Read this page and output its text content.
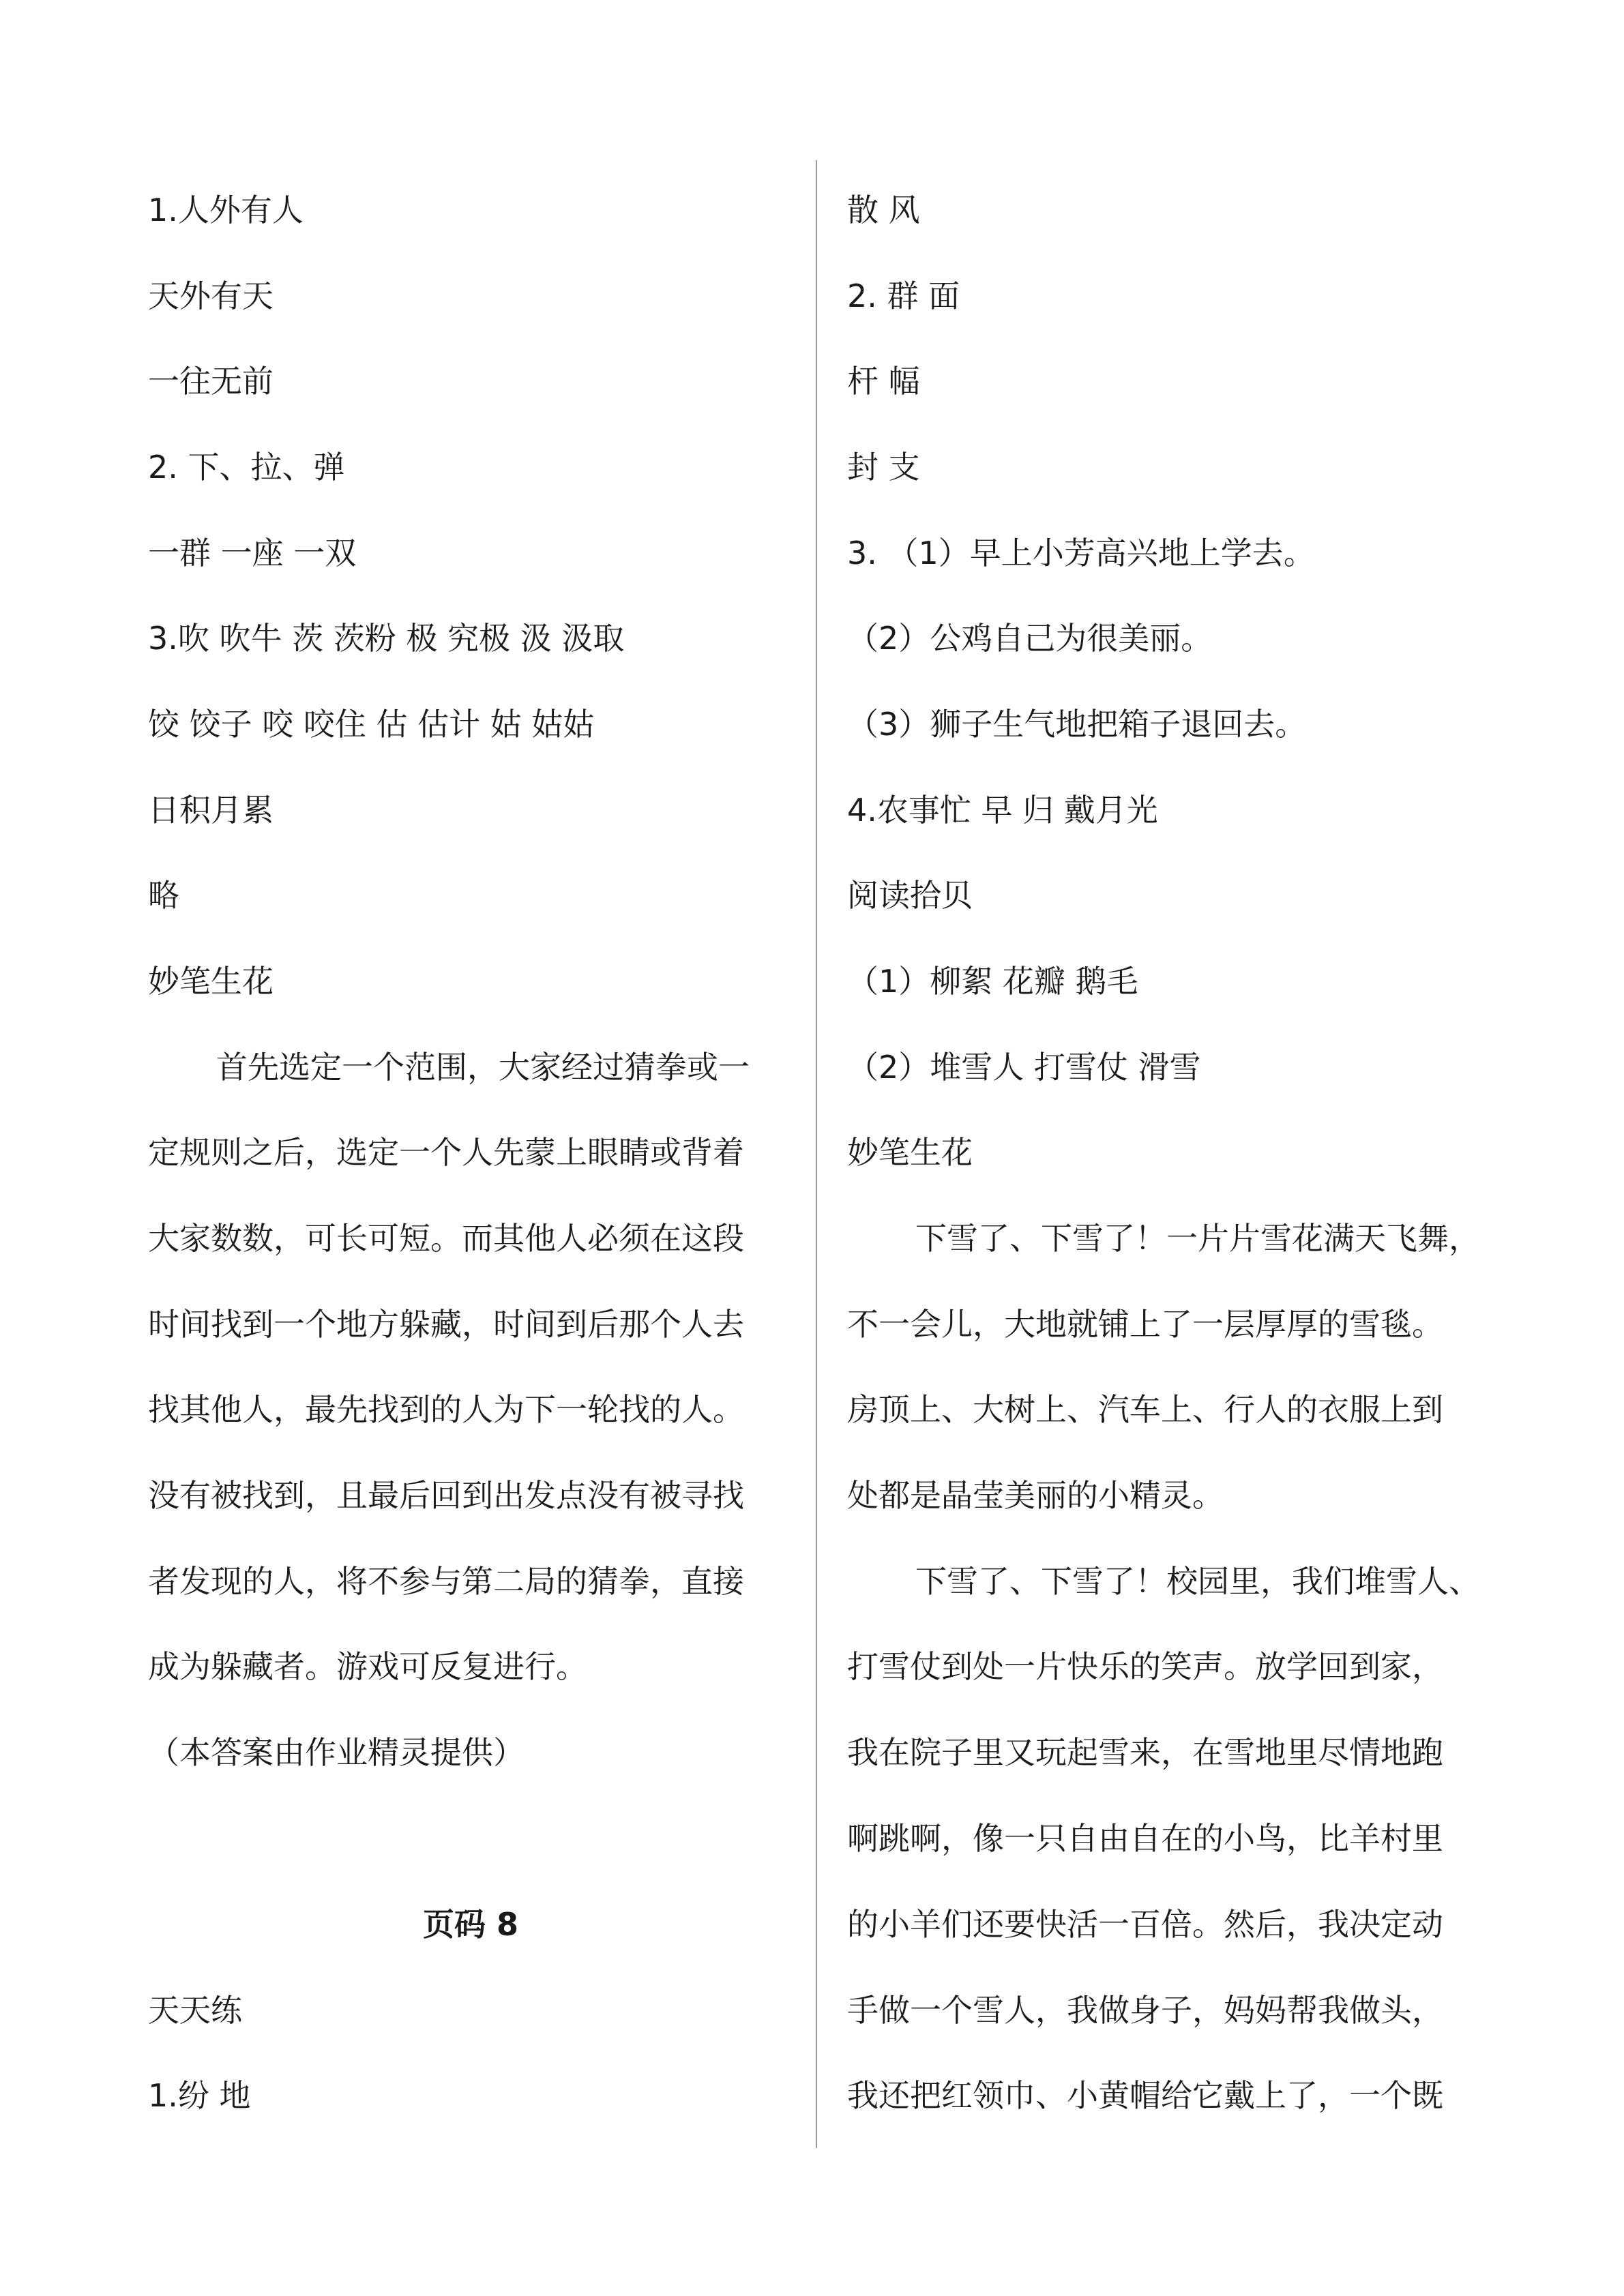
1.人外有人
天外有天
一往无前
2. 下、拉、弹
一群 一座 一双
3.吹 吹牛 茨 茨粉 极 究极 汲 汲取
饺 饺子 咬 咬住 估 估计 姑 姑姑
日积月累
略
妙笔生花
首先选定一个范围，大家经过猜拳或一
定规则之后，选定一个人先蒙上眼睛或背着
大家数数，可长可短。而其他人必须在这段
时间找到一个地方躲藏，时间到后那个人去
找其他人，最先找到的人为下一轮找的人。
没有被找到，且最后回到出发点没有被寻找
者发现的人，将不参与第二局的猜拳，直接
成为躲藏者。游戏可反复进行。
（本答案由作业精灵提供）
页码 8
天天练
1.纷 地
散 风
2. 群 面
杆 幅
封 支
3. （1）早上小芳高兴地上学去。
（2）公鸡自己为很美丽。
（3）狮子生气地把箱子退回去。
4.农事忙 早 归 戴月光
阅读拾贝
（1）柳絮 花瓣 鹅毛
（2）堆雪人 打雪仗 滑雪
妙笔生花
下雪了、下雪了！一片片雪花满天飞舞，
不一会儿，大地就铺上了一层厚厚的雪毯。
房顶上、大树上、汽车上、行人的衣服上到
处都是晶莹美丽的小精灵。
下雪了、下雪了！校园里，我们堆雪人、
打雪仗到处一片快乐的笑声。放学回到家，
我在院子里又玩起雪来，在雪地里尽情地跑
啊跳啊，像一只自由自在的小鸟，比羊村里
的小羊们还要快活一百倍。然后，我决定动
手做一个雪人，我做身子，妈妈帮我做头，
我还把红领巾、小黄帽给它戴上了，一个既
